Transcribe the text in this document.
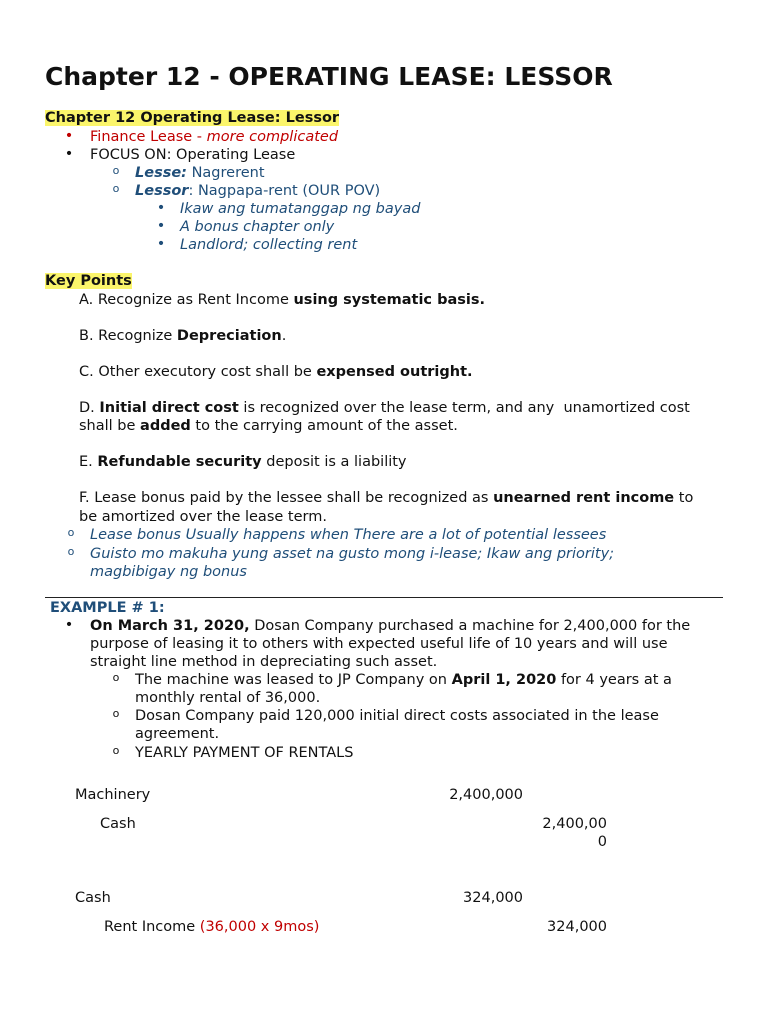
Chapter 12 - OPERATING LEASE: LESSOR
Chapter 12 Operating Lease: Lessor
• Finance Lease - more complicated
• FOCUS ON: Operating Lease
o Lesse: Nagrerent
o Lessor: Nagpapa-rent (OUR POV)
• Ikaw ang tumatanggap ng bayad
• A bonus chapter only
• Landlord; collecting rent
Key Points
A. Recognize as Rent Income using systematic basis.
B. Recognize Depreciation.
C. Other executory cost shall be expensed outright.
D. Initial direct cost is recognized over the lease term, and any  unamortized cost
shall be added to the carrying amount of the asset.
E. Refundable security deposit is a liability
F. Lease bonus paid by the lessee shall be recognized as unearned rent income to
be amortized over the lease term.
o Lease bonus Usually happens when There are a lot of potential lessees
o Guisto mo makuha yung asset na gusto mong i-lease; Ikaw ang priority;
magbibigay ng bonus
EXAMPLE # 1:
• On March 31, 2020, Dosan Company purchased a machine for 2,400,000 for the
purpose of leasing it to others with expected useful life of 10 years and will use
straight line method in depreciating such asset.
o The machine was leased to JP Company on April 1, 2020 for 4 years at a
monthly rental of 36,000.
o Dosan Company paid 120,000 initial direct costs associated in the lease
agreement.
o YEARLY PAYMENT OF RENTALS
Machinery	2,400,000
Cash	2,400,00
0
Cash	324,000
Rent Income (36,000 x 9mos)	324,000
